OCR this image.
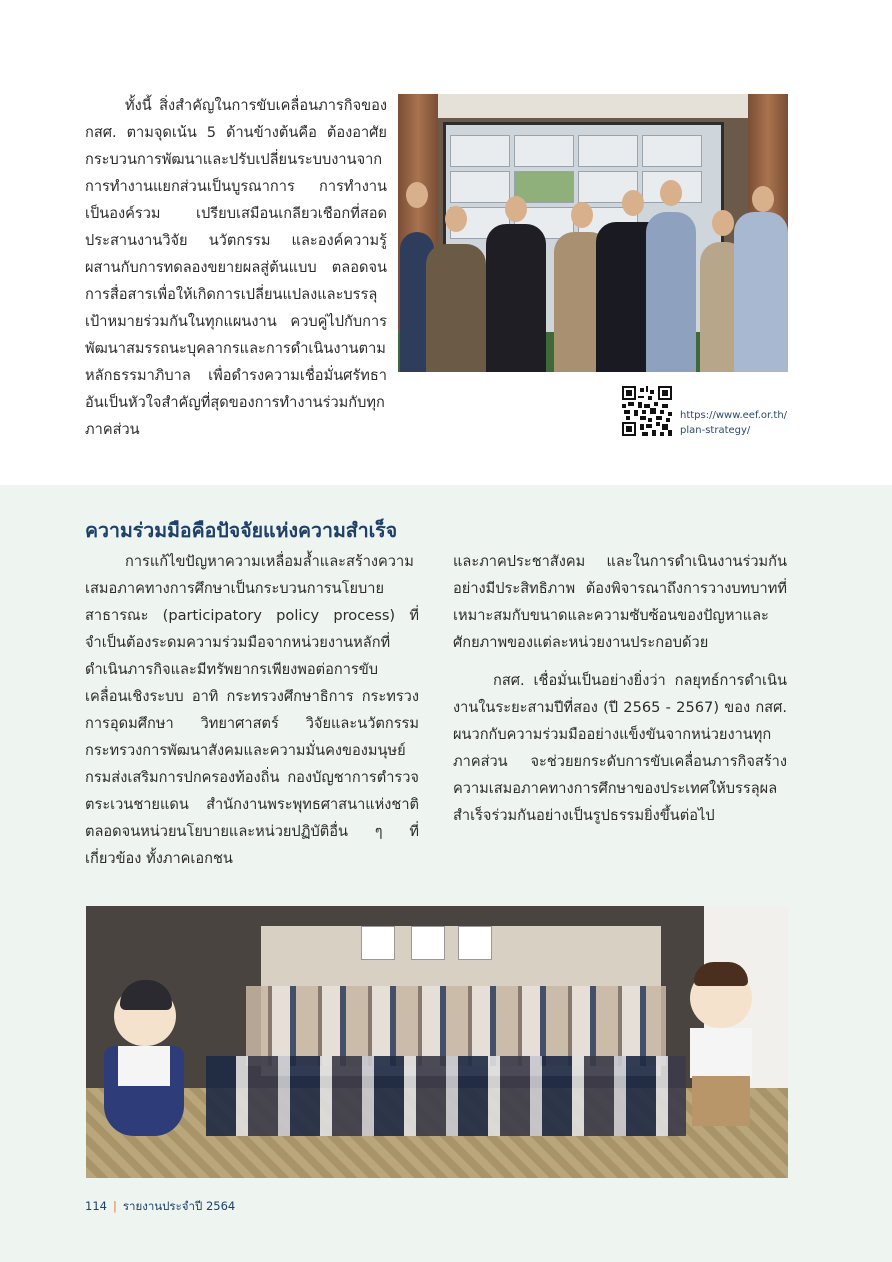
ทั้งนี้ สิ่งสำคัญในการขับเคลื่อนภารกิจของ กสศ. ตามจุดเน้น 5 ด้านข้างต้นคือ ต้องอาศัยกระบวนการพัฒนาและปรับเปลี่ยนระบบงานจากการทำงานแยกส่วนเป็นบูรณาการ การทำงานเป็นองค์รวม เปรียบเสมือนเกลียวเชือกที่สอดประสานงานวิจัย นวัตกรรม และองค์ความรู้ ผสานกับการทดลองขยายผลสู่ต้นแบบ ตลอดจนการสื่อสารเพื่อให้เกิดการเปลี่ยนแปลงและบรรลุเป้าหมายร่วมกันในทุกแผนงาน ควบคู่ไปกับการพัฒนาสมรรถนะบุคลากรและการดำเนินงานตามหลักธรรมาภิบาล เพื่อดำรงความเชื่อมั่นศรัทธา อันเป็นหัวใจสำคัญที่สุดของการทำงานร่วมกับทุกภาคส่วน

https://www.eef.or.th/
plan-strategy/
ความร่วมมือคือปัจจัยแห่งความสำเร็จ

การแก้ไขปัญหาความเหลื่อมล้ำและสร้างความเสมอภาคทางการศึกษาเป็นกระบวนการนโยบายสาธารณะ (participatory policy process) ที่จำเป็นต้องระดมความร่วมมือจากหน่วยงานหลักที่ดำเนินภารกิจและมีทรัพยากรเพียงพอต่อการขับเคลื่อนเชิงระบบ อาทิ กระทรวงศึกษาธิการ กระทรวงการอุดมศึกษา วิทยาศาสตร์ วิจัยและนวัตกรรม กระทรวงการพัฒนาสังคมและความมั่นคงของมนุษย์ กรมส่งเสริมการปกครองท้องถิ่น กองบัญชาการตำรวจตระเวนชายแดน สำนักงานพระพุทธศาสนาแห่งชาติ ตลอดจนหน่วยนโยบายและหน่วยปฏิบัติอื่น ๆ ที่เกี่ยวข้อง ทั้งภาคเอกชน

และภาคประชาสังคม และในการดำเนินงานร่วมกันอย่างมีประสิทธิภาพ ต้องพิจารณาถึงการวางบทบาทที่เหมาะสมกับขนาดและความซับซ้อนของปัญหาและศักยภาพของแต่ละหน่วยงานประกอบด้วย

กสศ. เชื่อมั่นเป็นอย่างยิ่งว่า กลยุทธ์การดำเนินงานในระยะสามปีที่สอง (ปี 2565 - 2567) ของ กสศ. ผนวกกับความร่วมมืออย่างแข็งขันจากหน่วยงานทุกภาคส่วน จะช่วยยกระดับการขับเคลื่อนภารกิจสร้างความเสมอภาคทางการศึกษาของประเทศให้บรรลุผลสำเร็จร่วมกันอย่างเป็นรูปธรรมยิ่งขึ้นต่อไป

114 | รายงานประจำปี 2564
